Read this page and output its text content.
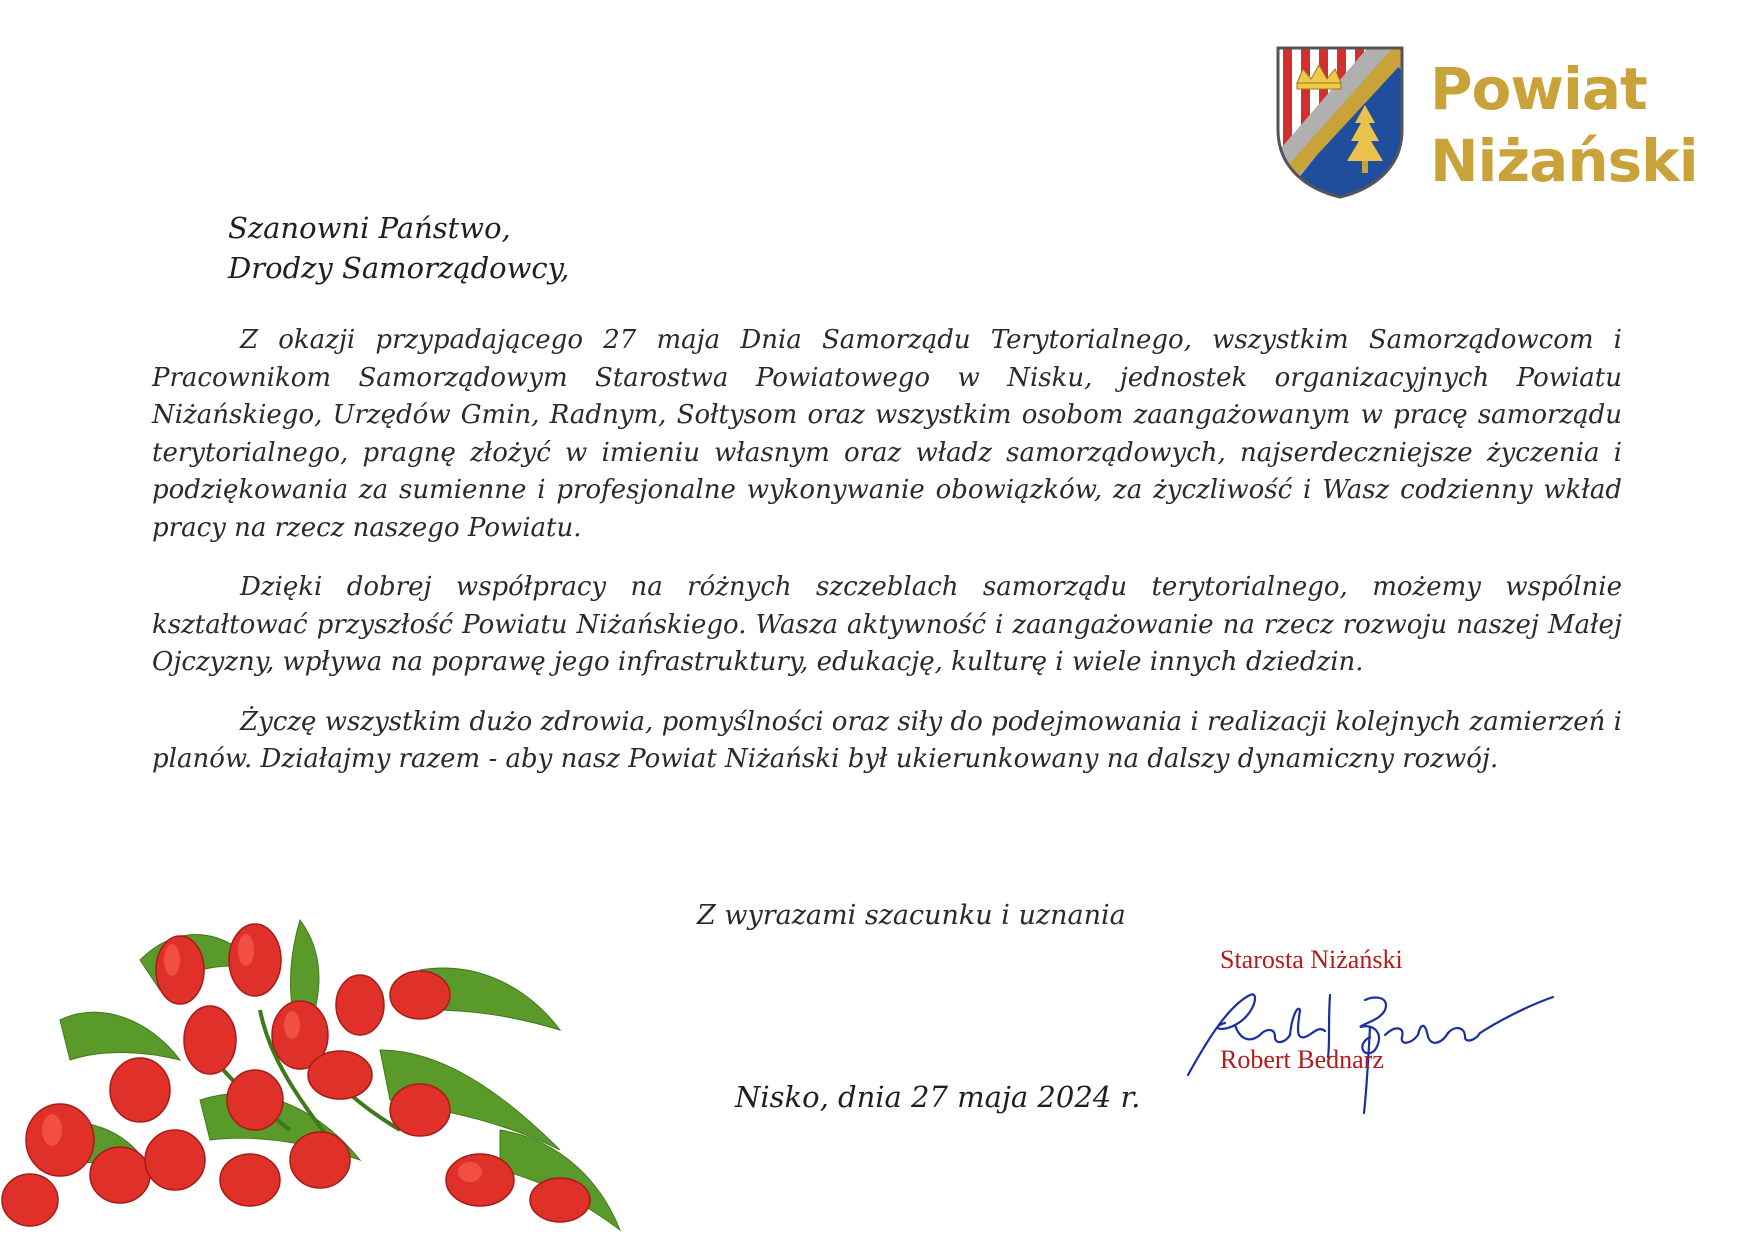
Powiat
Niżański
Szanowni Państwo,
Drodzy Samorządowcy,

Z okazji przypadającego 27 maja Dnia Samorządu Terytorialnego, wszystkim Samorządowcom i Pracownikom Samorządowym Starostwa Powiatowego w Nisku, jednostek organizacyjnych Powiatu Niżańskiego, Urzędów Gmin, Radnym, Sołtysom oraz wszystkim osobom zaangażowanym w pracę samorządu terytorialnego, pragnę złożyć w imieniu własnym oraz władz samorządowych, najserdeczniejsze życzenia i podziękowania za sumienne i profesjonalne wykonywanie obowiązków, za życzliwość i Wasz codzienny wkład pracy na rzecz naszego Powiatu.

Dzięki dobrej współpracy na różnych szczeblach samorządu terytorialnego, możemy wspólnie kształtować przyszłość Powiatu Niżańskiego. Wasza aktywność i zaangażowanie na rzecz rozwoju naszej Małej Ojczyzny, wpływa na poprawę jego infrastruktury, edukację, kulturę i wiele innych dziedzin.

Życzę wszystkim dużo zdrowia, pomyślności oraz siły do podejmowania i realizacji kolejnych zamierzeń i planów. Działajmy razem - aby nasz Powiat Niżański był ukierunkowany na dalszy dynamiczny rozwój.

Z wyrazami szacunku i uznania
Starosta Niżański
Robert Bednarz
Nisko, dnia 27 maja 2024 r.
